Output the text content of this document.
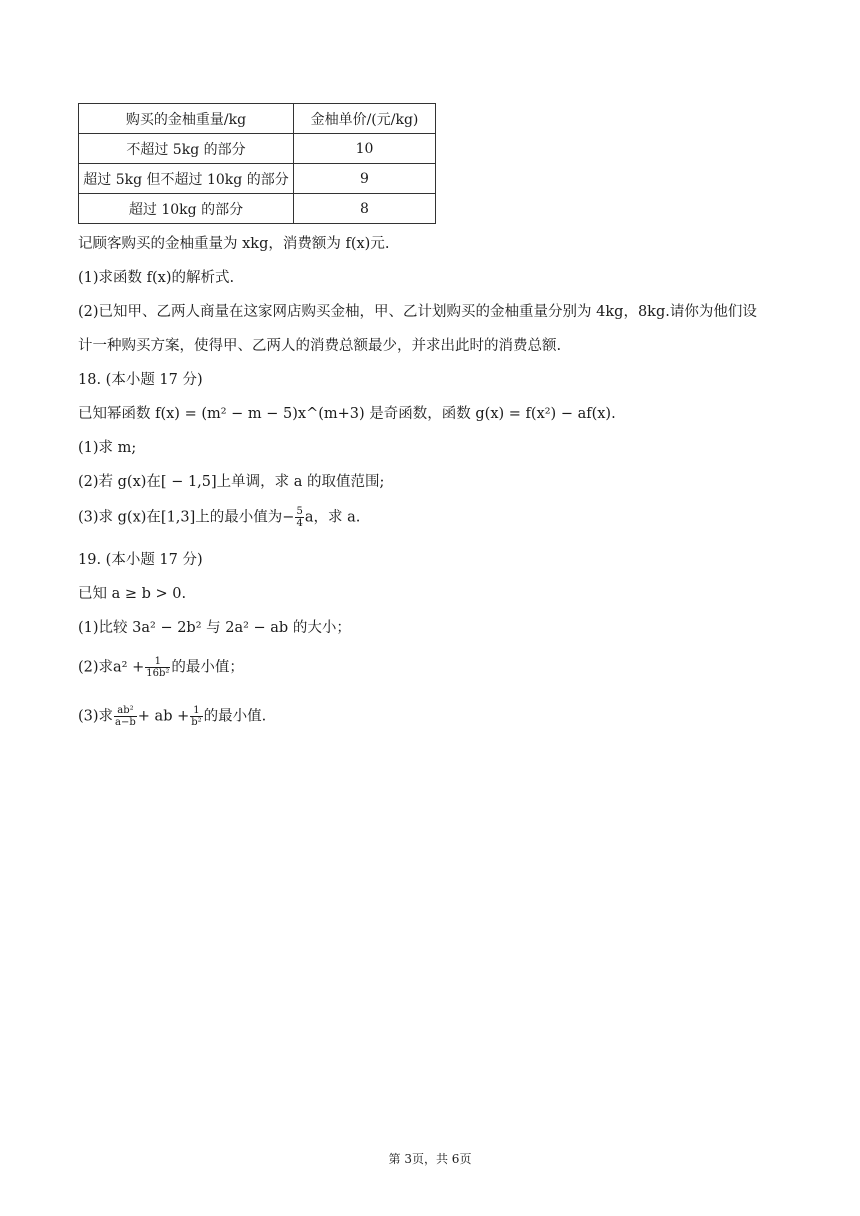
购买的金柚重量/kg	金柚单价/(元/kg)
不超过 5kg 的部分	10
超过 5kg 但不超过 10kg 的部分	9
超过 10kg 的部分	8
记顾客购买的金柚重量为 xkg，消费额为 f(x)元.
(1)求函数 f(x)的解析式.
(2)已知甲、乙两人商量在这家网店购买金柚，甲、乙计划购买的金柚重量分别为 4kg，8kg.请你为他们设
计一种购买方案，使得甲、乙两人的消费总额最少，并求出此时的消费总额.
18. (本小题 17 分)
已知幂函数 f(x) = (m² − m − 5)x^(m+3) 是奇函数，函数 g(x) = f(x²) − af(x).
(1)求 m;
(2)若 g(x)在[ − 1,5]上单调，求 a 的取值范围;
(3)求 g(x)在[1,3]上的最小值为− $\frac{5}{4}$ a，求 a.
19. (本小题 17 分)
已知 a ≥ b > 0.
(1)比较 3a² − 2b² 与 2a² − ab 的大小；
(2)求$a^2 + \frac{1}{\text{16b²}}$ 的最小值；
(3)求 $\frac{\text{ab²}}{a-b}$ + ab + $\frac{1}{\text{b²}}$ 的最小值.
第 3页，共 6页
